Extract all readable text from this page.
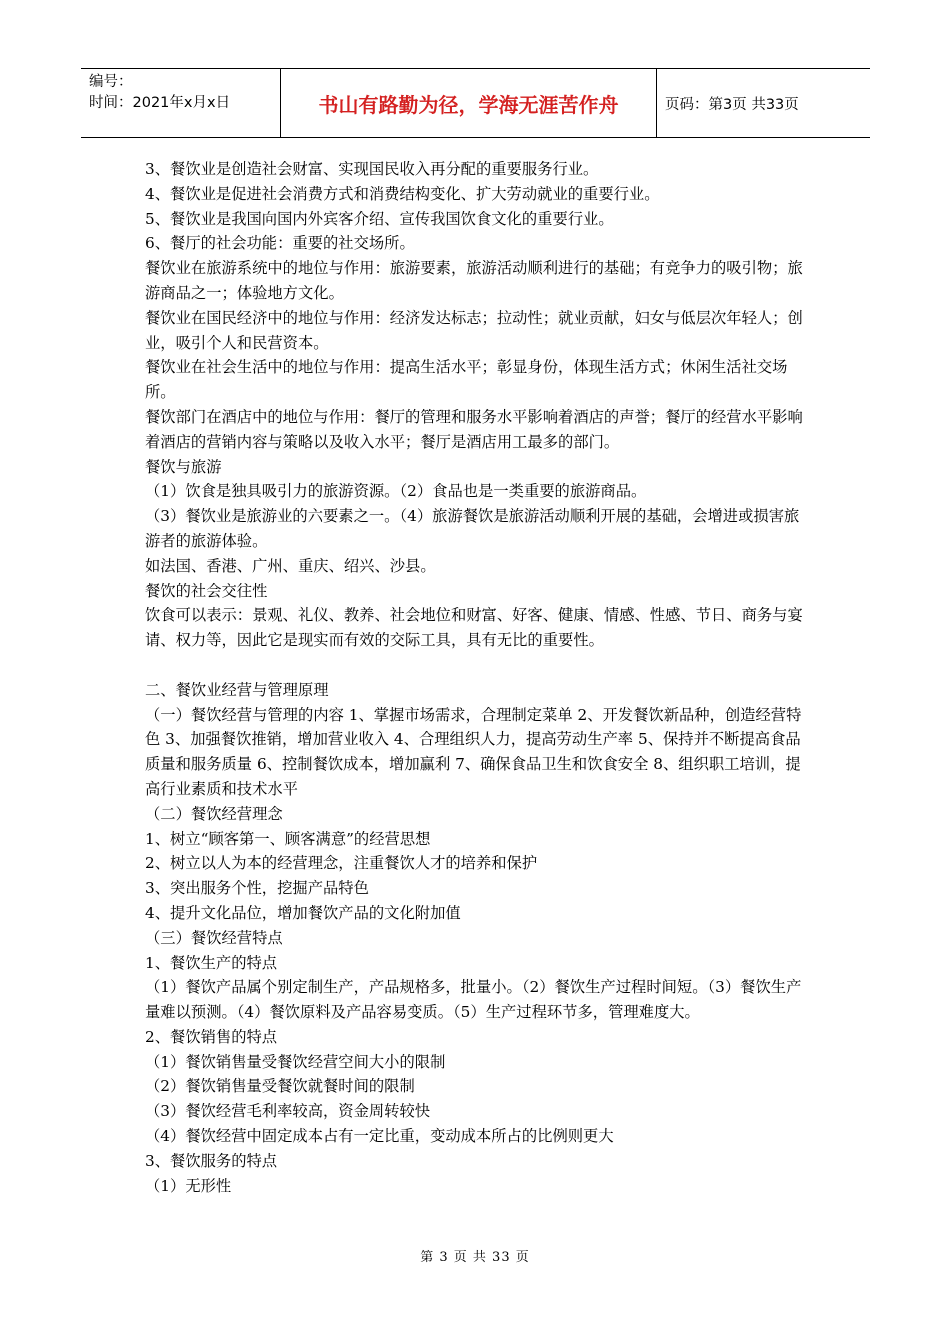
编号：
时间：2021年x月x日	书山有路勤为径，学海无涯苦作舟	页码：第3页 共33页

3、餐饮业是创造社会财富、实现国民收入再分配的重要服务行业。

4、餐饮业是促进社会消费方式和消费结构变化、扩大劳动就业的重要行业。

5、餐饮业是我国向国内外宾客介绍、宣传我国饮食文化的重要行业。

6、餐厅的社会功能：重要的社交场所。

餐饮业在旅游系统中的地位与作用：旅游要素，旅游活动顺利进行的基础；有竞争力的吸引物；旅游商品之一；体验地方文化。

餐饮业在国民经济中的地位与作用：经济发达标志；拉动性；就业贡献，妇女与低层次年轻人；创业，吸引个人和民营资本。

餐饮业在社会生活中的地位与作用：提高生活水平；彰显身份，体现生活方式；休闲生活社交场所。

餐饮部门在酒店中的地位与作用：餐厅的管理和服务水平影响着酒店的声誉；餐厅的经营水平影响着酒店的营销内容与策略以及收入水平；餐厅是酒店用工最多的部门。

餐饮与旅游

（1）饮食是独具吸引力的旅游资源。（2）食品也是一类重要的旅游商品。

（3）餐饮业是旅游业的六要素之一。（4）旅游餐饮是旅游活动顺利开展的基础，会增进或损害旅游者的旅游体验。

如法国、香港、广州、重庆、绍兴、沙县。

餐饮的社会交往性

饮食可以表示：景观、礼仪、教养、社会地位和财富、好客、健康、情感、性感、节日、商务与宴请、权力等，因此它是现实而有效的交际工具，具有无比的重要性。

二、餐饮业经营与管理原理

（一）餐饮经营与管理的内容 1、掌握市场需求，合理制定菜单 2、开发餐饮新品种，创造经营特色 3、加强餐饮推销，增加营业收入 4、合理组织人力，提高劳动生产率 5、保持并不断提高食品质量和服务质量 6、控制餐饮成本，增加赢利 7、确保食品卫生和饮食安全 8、组织职工培训，提高行业素质和技术水平

（二）餐饮经营理念

1、树立“顾客第一、顾客满意”的经营思想

2、树立以人为本的经营理念，注重餐饮人才的培养和保护

3、突出服务个性，挖掘产品特色

4、提升文化品位，增加餐饮产品的文化附加值

（三）餐饮经营特点

1、餐饮生产的特点

（1）餐饮产品属个别定制生产，产品规格多，批量小。（2）餐饮生产过程时间短。（3）餐饮生产量难以预测。（4）餐饮原料及产品容易变质。（5）生产过程环节多，管理难度大。

2、餐饮销售的特点

（1）餐饮销售量受餐饮经营空间大小的限制

（2）餐饮销售量受餐饮就餐时间的限制

（3）餐饮经营毛利率较高，资金周转较快

（4）餐饮经营中固定成本占有一定比重，变动成本所占的比例则更大

3、餐饮服务的特点

（1）无形性

第 3 页 共 33 页
